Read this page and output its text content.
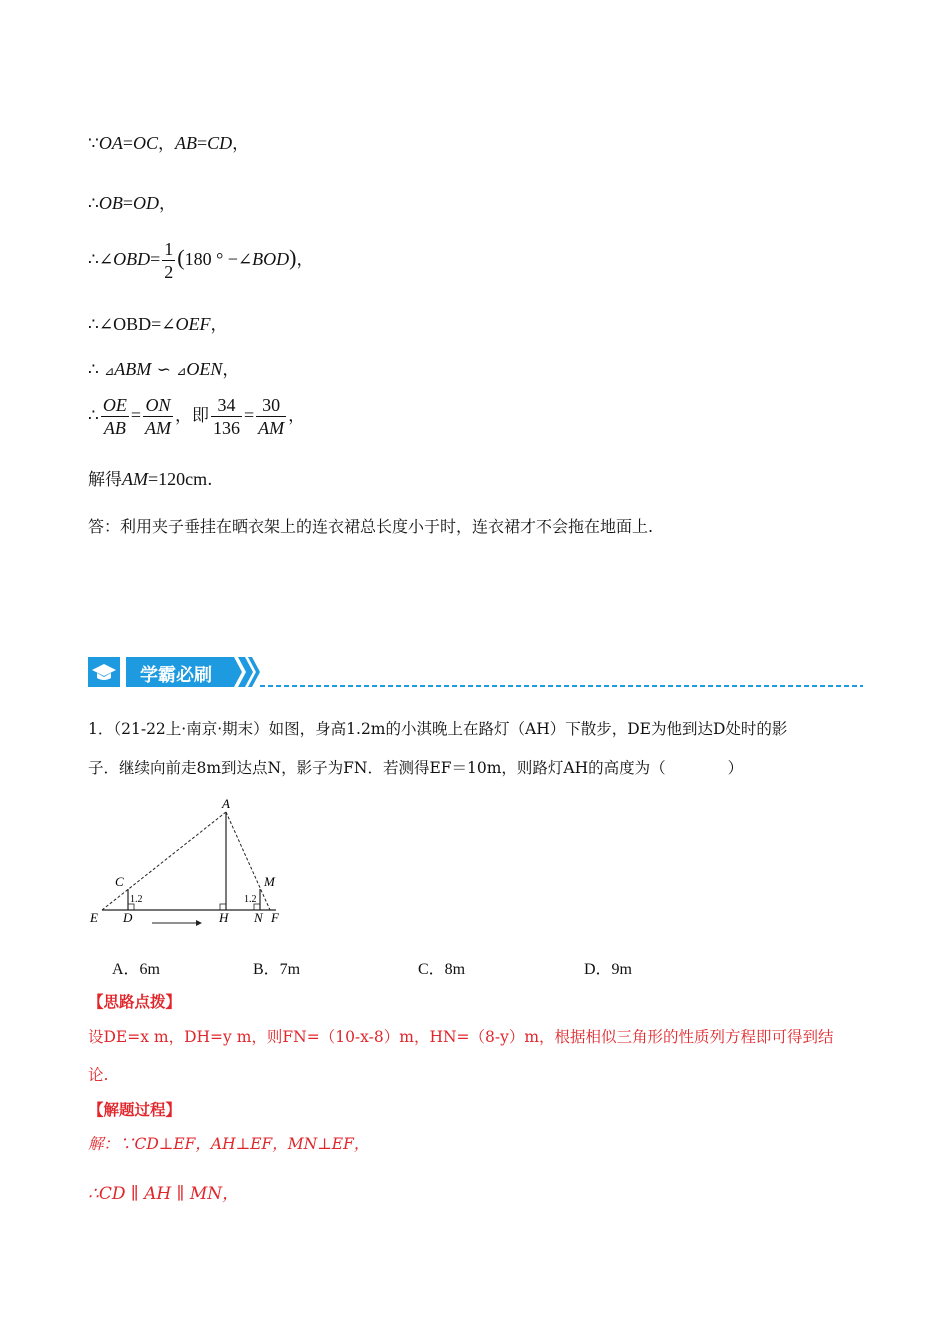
∵OA=OC，AB=CD，
∴OB=OD，
∴∠OBD= $\frac{1}{2} (180$ ° −∠BOD)，
∴∠OBD=∠OEF，
∴ ⊿ABM ∽ ⊿OEN，
∴ $\frac{OE}{AB} = \frac{ON}{AM}$ ，即 $\frac{34}{136} = \frac{30}{AM}$ ，
解得AM=120cm.
答：利用夹子垂挂在晒衣架上的连衣裙总长度小于时，连衣裙才不会拖在地面上.
学霸必刷
1．（21-22上·南京·期末）如图，身高1.2m的小淇晚上在路灯（AH）下散步，DE为他到达D处时的影
子．继续向前走8m到达点N，影子为FN．若测得EF＝10m，则路灯AH的高度为（　　　　）
A
C	M
E D	H N F
1.2	1.2
A．6m	B．7m	C．8m	D．9m
【思路点拨】
设DE=x m，DH=y m，则FN=（10-x-8）m，HN=（8-y）m，根据相似三角形的性质列方程即可得到结
论.
【解题过程】
解：∵CD⊥EF，AH⊥EF，MN⊥EF，
∴CD ∥ AH ∥ MN，
